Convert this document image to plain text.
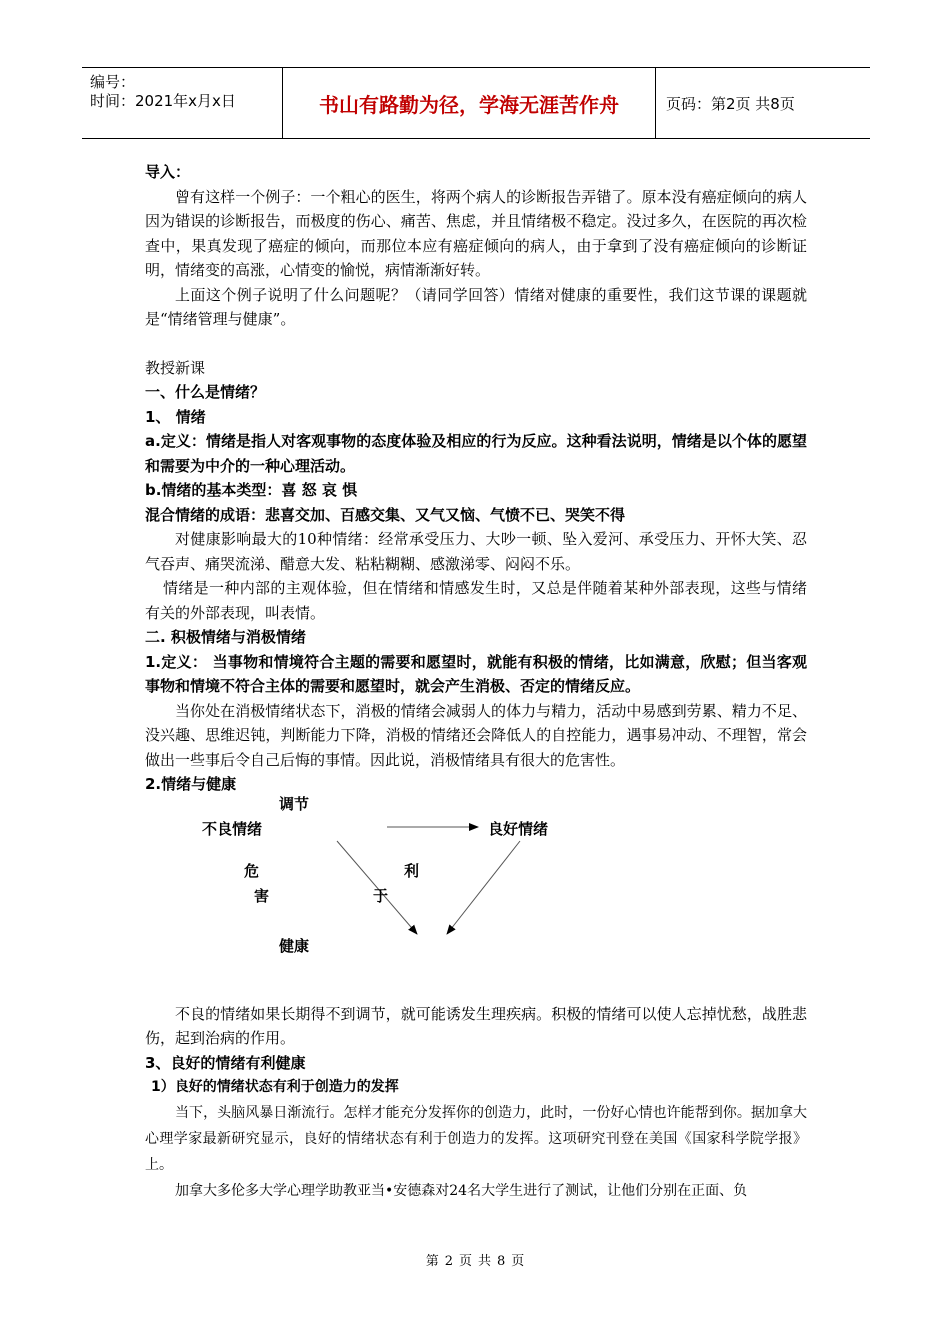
编号：
时间：2021年x月x日	书山有路勤为径，学海无涯苦作舟	页码：第2页 共8页

导入：

曾有这样一个例子：一个粗心的医生，将两个病人的诊断报告弄错了。原本没有癌症倾向的病人因为错误的诊断报告，而极度的伤心、痛苦、焦虑，并且情绪极不稳定。没过多久，在医院的再次检查中，果真发现了癌症的倾向，而那位本应有癌症倾向的病人，由于拿到了没有癌症倾向的诊断证明，情绪变的高涨，心情变的愉悦，病情渐渐好转。

上面这个例子说明了什么问题呢？（请同学回答）情绪对健康的重要性，我们这节课的课题就是“情绪管理与健康”。

教授新课

一、什么是情绪？

1、 情绪

a.定义：情绪是指人对客观事物的态度体验及相应的行为反应。这种看法说明，情绪是以个体的愿望和需要为中介的一种心理活动。

b.情绪的基本类型：喜 怒 哀 惧

混合情绪的成语：悲喜交加、百感交集、又气又恼、气愤不已、哭笑不得

对健康影响最大的10种情绪：经常承受压力、大吵一顿、坠入爱河、承受压力、开怀大笑、忍气吞声、痛哭流涕、醋意大发、粘粘糊糊、感激涕零、闷闷不乐。

情绪是一种内部的主观体验，但在情绪和情感发生时，又总是伴随着某种外部表现，这些与情绪有关的外部表现，叫表情。

二. 积极情绪与消极情绪

1.定义： 当事物和情境符合主题的需要和愿望时，就能有积极的情绪，比如满意，欣慰；但当客观事物和情境不符合主体的需要和愿望时，就会产生消极、否定的情绪反应。

当你处在消极情绪状态下，消极的情绪会减弱人的体力与精力，活动中易感到劳累、精力不足、没兴趣、思维迟钝，判断能力下降，消极的情绪还会降低人的自控能力，遇事易冲动、不理智，常会做出一些事后令自己后悔的事情。因此说，消极情绪具有很大的危害性。

2.情绪与健康

调节
不良情绪	良好情绪
危
害
利
于
健康

不良的情绪如果长期得不到调节，就可能诱发生理疾病。积极的情绪可以使人忘掉忧愁，战胜悲伤，起到治病的作用。

3、良好的情绪有利健康

1）良好的情绪状态有利于创造力的发挥

当下，头脑风暴日渐流行。怎样才能充分发挥你的创造力，此时，一份好心情也许能帮到你。据加拿大心理学家最新研究显示，良好的情绪状态有利于创造力的发挥。这项研究刊登在美国《国家科学院学报》上。

加拿大多伦多大学心理学助教亚当•安德森对24名大学生进行了测试，让他们分别在正面、负

第 2 页 共 8 页
